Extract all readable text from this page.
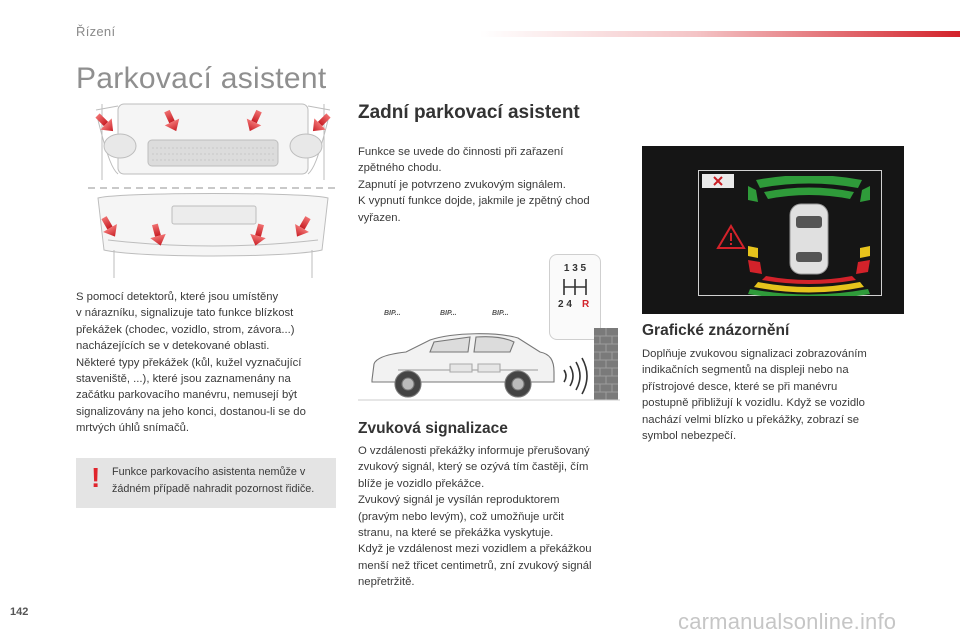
Řízení
Parkovací asistent

S pomocí detektorů, které jsou umístěny

v nárazníku, signalizuje tato funkce blízkost

překážek (chodec, vozidlo, strom, závora...)

nacházejících se v detekované oblasti.

Některé typy překážek (kůl, kužel vyznačující

staveniště, ...), které jsou zaznamenány na

začátku parkovacího manévru, nemusejí být

signalizovány na jeho konci, dostanou-li se do

mrtvých úhlů snímačů.

! Funkce parkovacího asistenta nemůže v
žádném případě nahradit pozornost řidiče.
Zadní parkovací asistent

Funkce se uvede do činnosti při zařazení

zpětného chodu.

Zapnutí je potvrzeno zvukovým signálem.

K vypnutí funkce dojde, jakmile je zpětný chod

vyřazen.

1 3 5
2 4 R
BIP...	BIP...	BIP...
Zvuková signalizace

O vzdálenosti překážky informuje přerušovaný

zvukový signál, který se ozývá tím častěji, čím

blíže je vozidlo překážce.

Zvukový signál je vysílán reproduktorem

(pravým nebo levým), což umožňuje určit

stranu, na které se překážka vyskytuje.

Když je vzdálenost mezi vozidlem a překážkou

menší než třicet centimetrů, zní zvukový signál

nepřetržitě.

Grafické znázornění

Doplňuje zvukovou signalizaci zobrazováním

indikačních segmentů na displeji nebo na

přístrojové desce, které se při manévru

postupně přibližují k vozidlu. Když se vozidlo

nachází velmi blízko u překážky, zobrazí se

symbol nebezpečí.

142	carmanualsonline.info
